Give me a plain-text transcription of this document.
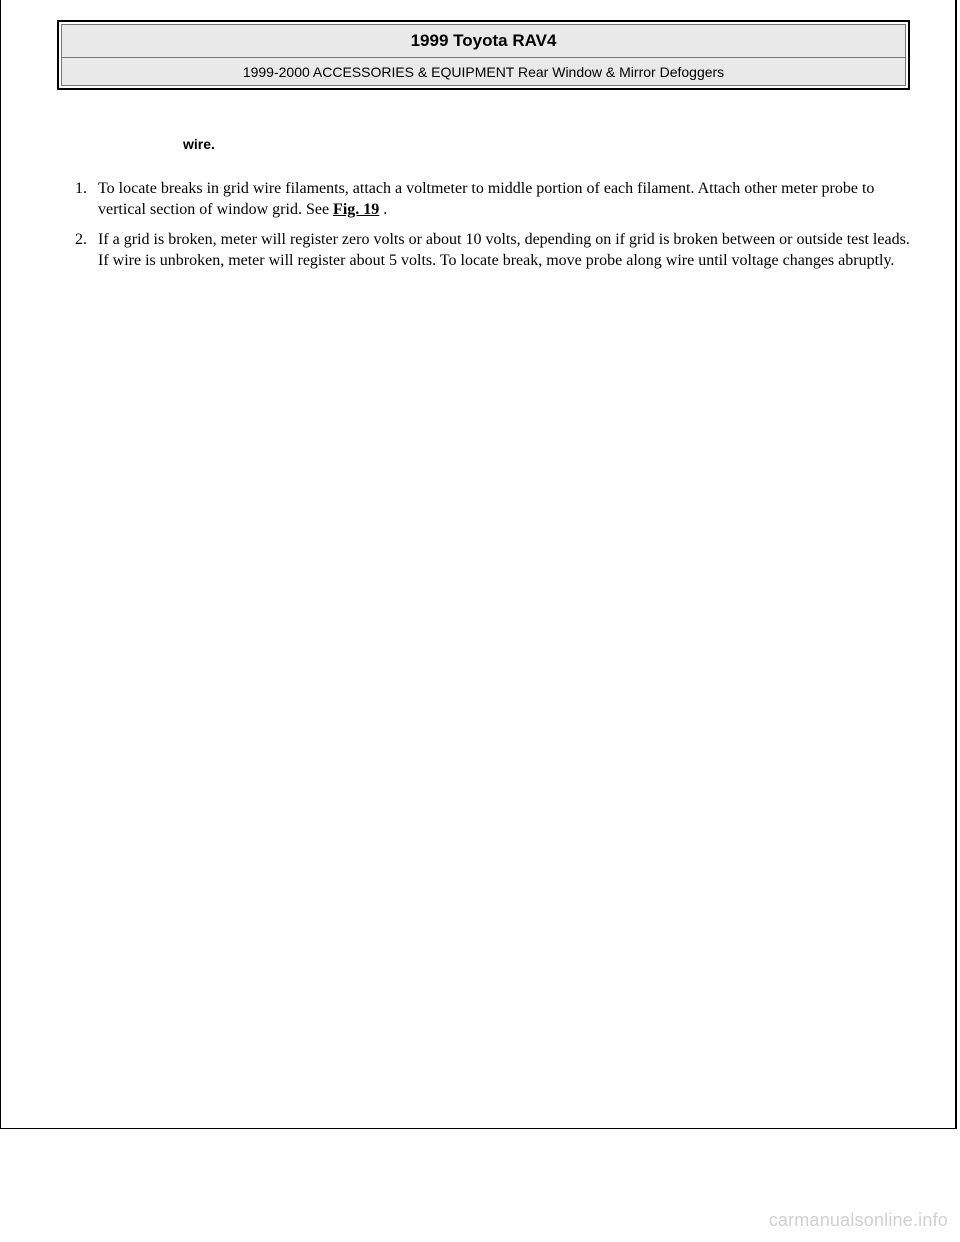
1999 Toyota RAV4
1999-2000 ACCESSORIES & EQUIPMENT Rear Window & Mirror Defoggers

wire.

1. To locate breaks in grid wire filaments, attach a voltmeter to middle portion of each filament. Attach other meter probe to vertical section of window grid. See Fig. 19 .
2. If a grid is broken, meter will register zero volts or about 10 volts, depending on if grid is broken between or outside test leads. If wire is unbroken, meter will register about 5 volts. To locate break, move probe along wire until voltage changes abruptly.
carmanualsonline.info
